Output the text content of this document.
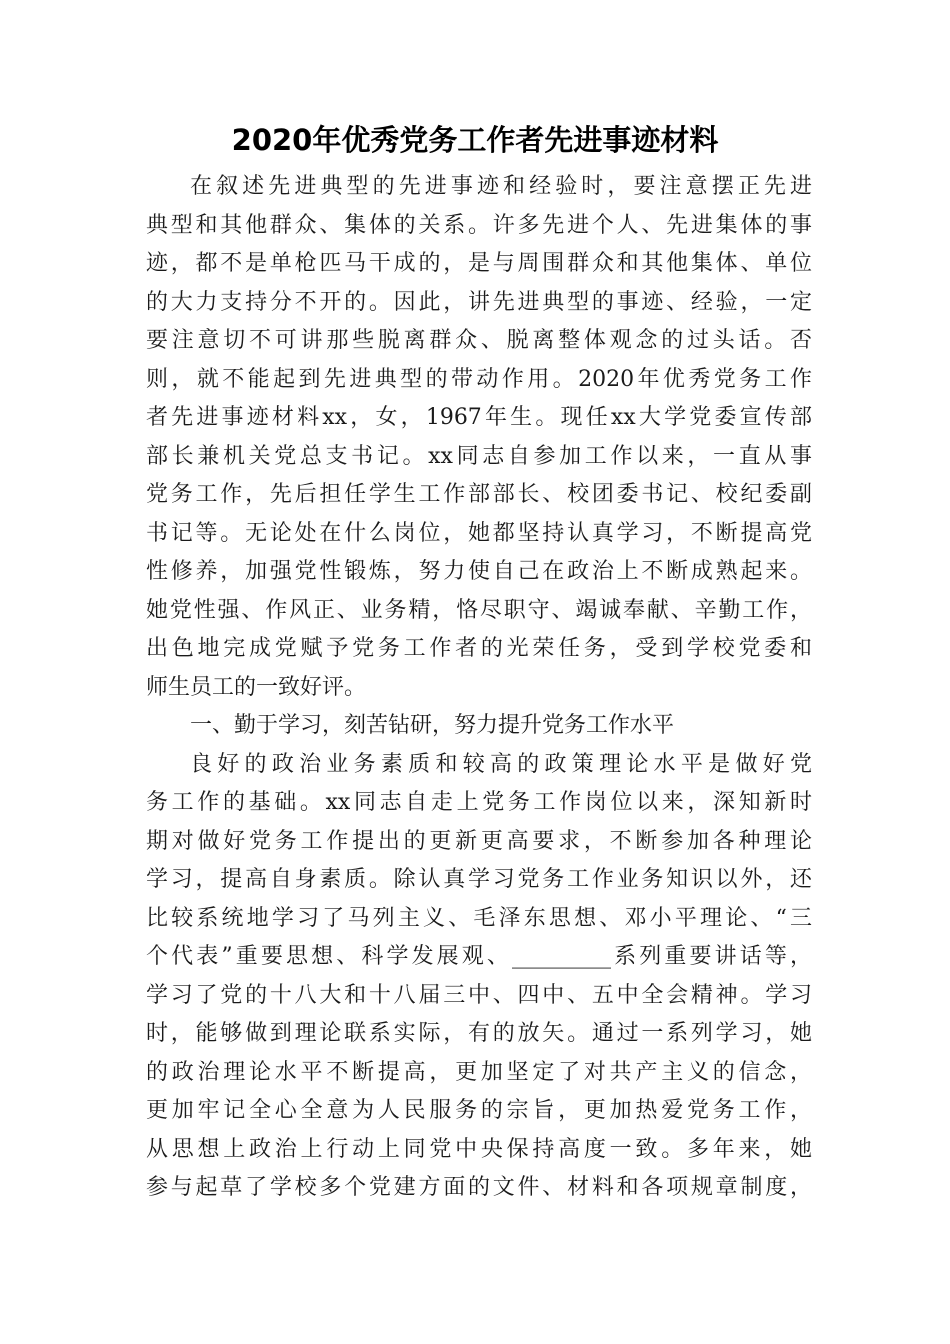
2020年优秀党务工作者先进事迹材料
在叙述先进典型的先进事迹和经验时，要注意摆正先进
典型和其他群众、集体的关系。许多先进个人、先进集体的事
迹，都不是单枪匹马干成的，是与周围群众和其他集体、单位
的大力支持分不开的。因此，讲先进典型的事迹、经验，一定
要注意切不可讲那些脱离群众、脱离整体观念的过头话。否
则，就不能起到先进典型的带动作用。2020年优秀党务工作
者先进事迹材料xx，女，1967年生。现任xx大学党委宣传部
部长兼机关党总支书记。xx同志自参加工作以来，一直从事
党务工作，先后担任学生工作部部长、校团委书记、校纪委副
书记等。无论处在什么岗位，她都坚持认真学习，不断提高党
性修养，加强党性锻炼，努力使自己在政治上不断成熟起来。
她党性强、作风正、业务精，恪尽职守、竭诚奉献、辛勤工作，
出色地完成党赋予党务工作者的光荣任务，受到学校党委和
师生员工的一致好评。
一、勤于学习，刻苦钻研，努力提升党务工作水平
良好的政治业务素质和较高的政策理论水平是做好党
务工作的基础。xx同志自走上党务工作岗位以来，深知新时
期对做好党务工作提出的更新更高要求，不断参加各种理论
学习，提高自身素质。除认真学习党务工作业务知识以外，还
比较系统地学习了马列主义、毛泽东思想、邓小平理论、“三
个代表”重要思想、科学发展观、_________系列重要讲话等，
学习了党的十八大和十八届三中、四中、五中全会精神。学习
时，能够做到理论联系实际，有的放矢。通过一系列学习，她
的政治理论水平不断提高，更加坚定了对共产主义的信念，
更加牢记全心全意为人民服务的宗旨，更加热爱党务工作，
从思想上政治上行动上同党中央保持高度一致。多年来，她
参与起草了学校多个党建方面的文件、材料和各项规章制度，
